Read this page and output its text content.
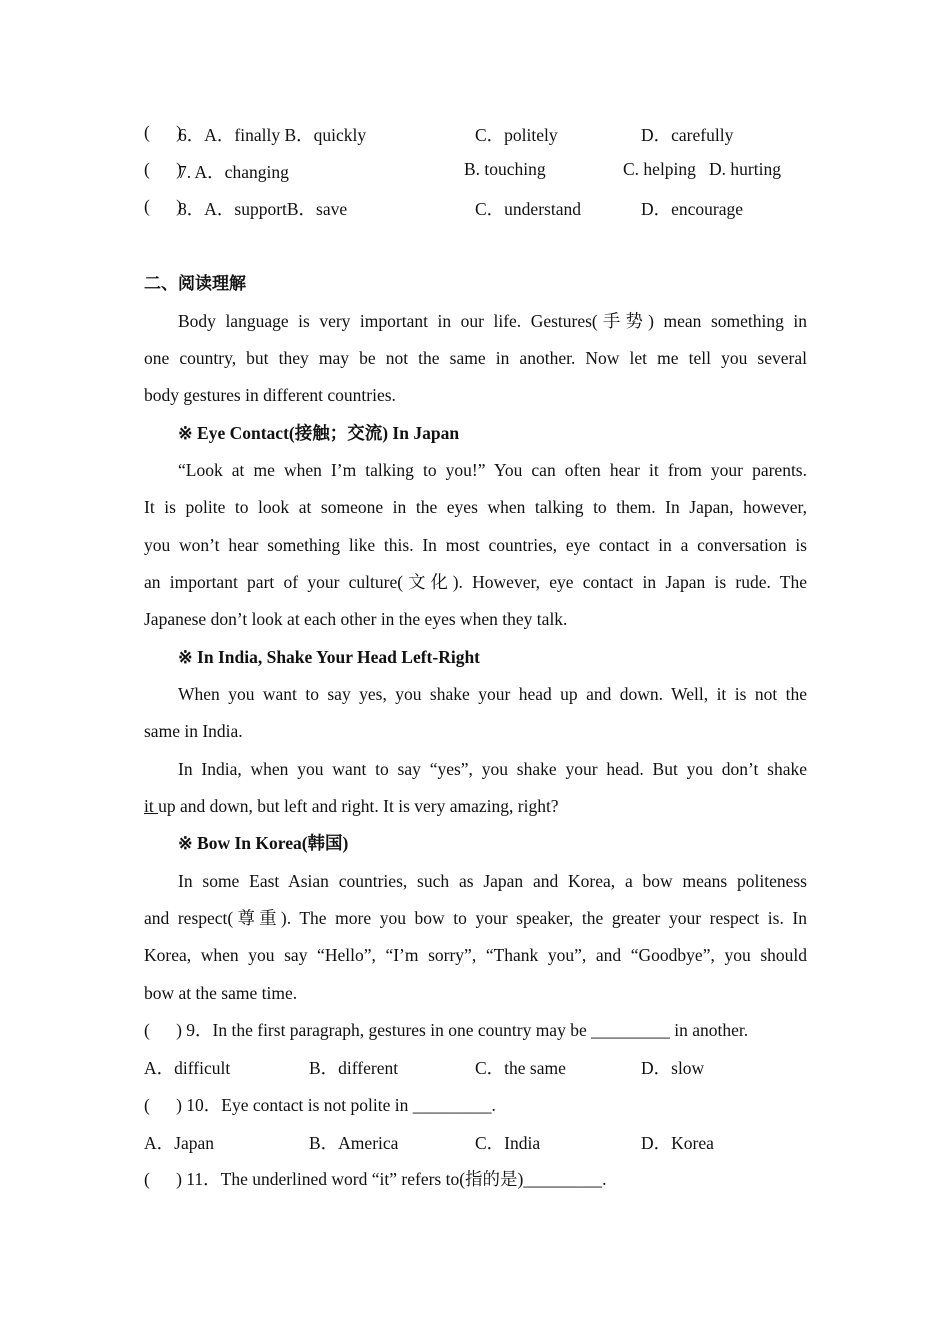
(      )
6．A．finally B．quickly	C．politely	D．carefully
(      )
7. A．changing	B. touching	C. helping   D. hurting
(      )
8．A．supportB．save	C．understand	D．encourage
二、阅读理解
Body language is very important in our life. Gestures(手势) mean something in
one country, but they may be not the same in another. Now let me tell you several
body gestures in different countries.
※ Eye Contact(接触；交流) In Japan
“Look at me when I’m talking to you!” You can often hear it from your parents.
It is polite to look at someone in the eyes when talking to them. In Japan, however,
you won’t hear something like this. In most countries, eye contact in a conversation is
an important part of your culture(文化). However, eye contact in Japan is rude. The
Japanese don’t look at each other in the eyes when they talk.
※ In India, Shake Your Head Left-Right
When you want to say yes, you shake your head up and down. Well, it is not the
same in India.
In India, when you want to say “yes”, you shake your head. But you don’t shake
it up and down, but left and right. It is very amazing, right?
※ Bow In Korea(韩国)
In some East Asian countries, such as Japan and Korea, a bow means politeness
and respect(尊重). The more you bow to your speaker, the greater your respect is. In
Korea, when you say “Hello”, “I’m sorry”, “Thank you”, and “Goodbye”, you should
bow at the same time.
(      ) 9．In the first paragraph, gestures in one country may be _________ in another.
A．difficult	B．different	C．the same	D．slow
(      ) 10．Eye contact is not polite in _________.
A．Japan	B．America	C．India	D．Korea
(      ) 11．The underlined word “it” refers to(指的是)_________.
